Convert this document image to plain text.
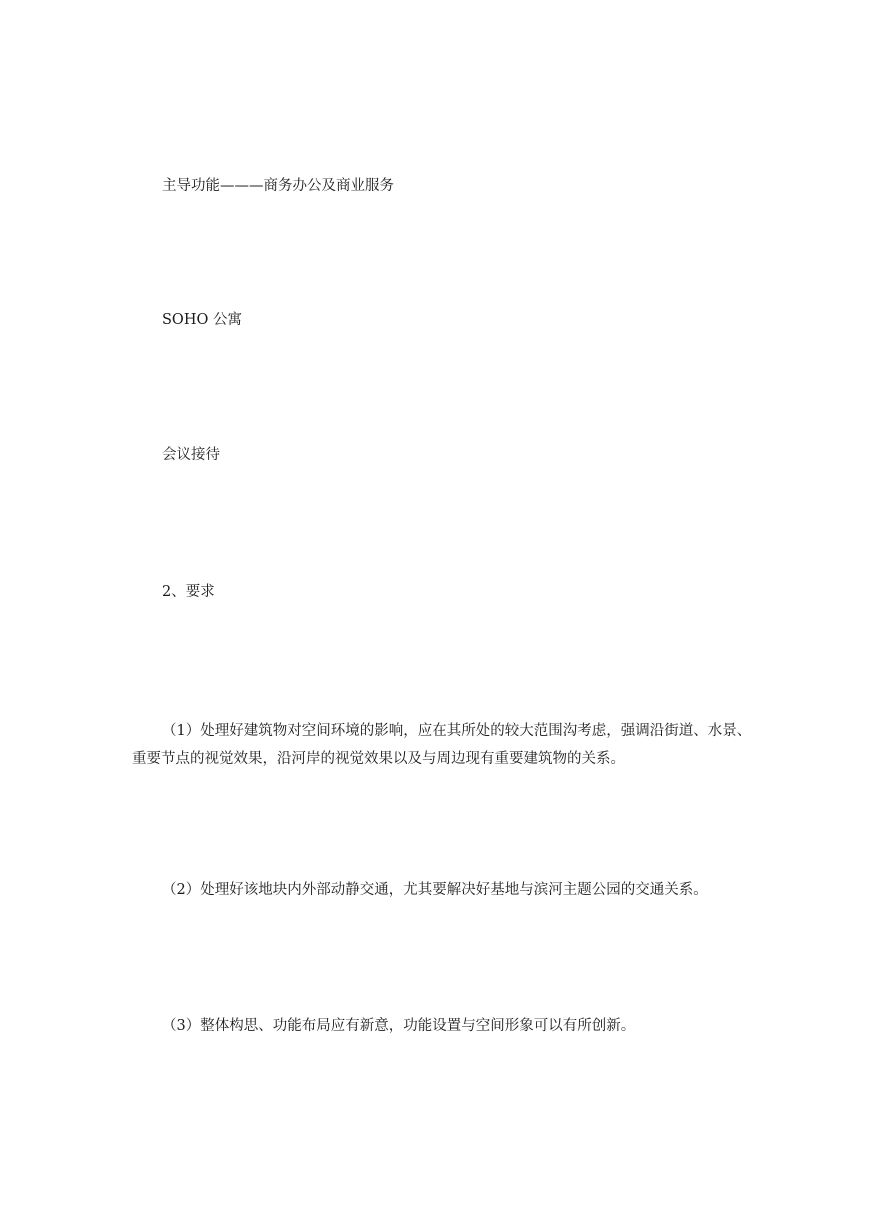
主导功能———商务办公及商业服务

SOHO 公寓

会议接待

2、要求

（1）处理好建筑物对空间环境的影响，应在其所处的较大范围沟考虑，强调沿街道、水景、重要节点的视觉效果，沿河岸的视觉效果以及与周边现有重要建筑物的关系。

（2）处理好该地块内外部动静交通，尤其要解决好基地与滨河主题公园的交通关系。

（3）整体构思、功能布局应有新意，功能设置与空间形象可以有所创新。
